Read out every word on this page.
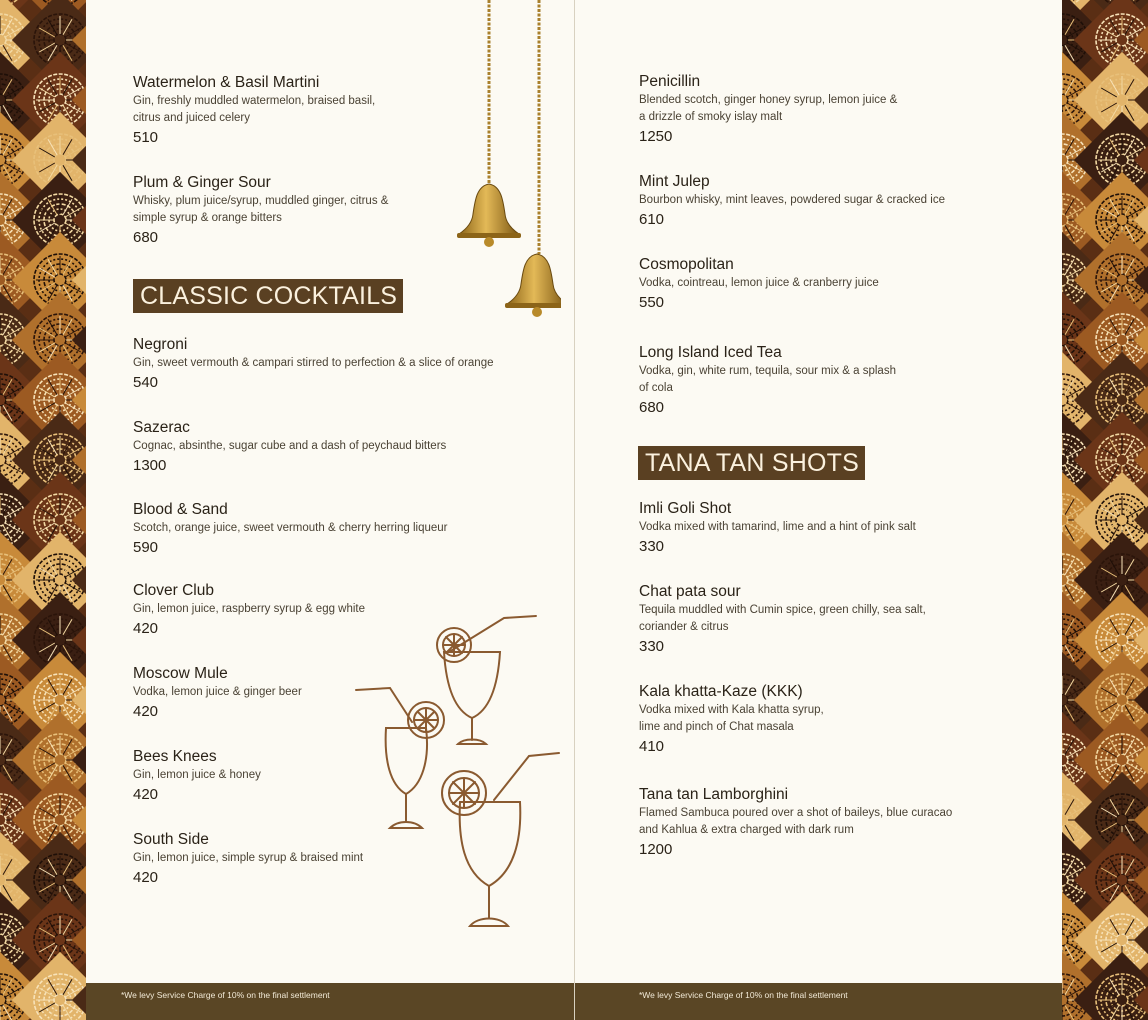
Watermelon & Basil Martini
Gin, freshly muddled watermelon, braised basil,
citrus and juiced celery
510
Plum & Ginger Sour
Whisky, plum juice/syrup, muddled ginger, citrus &
simple syrup & orange bitters
680
CLASSIC COCKTAILS
Negroni
Gin, sweet vermouth & campari stirred to perfection & a slice of orange
540
Sazerac
Cognac, absinthe, sugar cube and a dash of peychaud bitters
1300
Blood & Sand
Scotch, orange juice, sweet vermouth & cherry herring liqueur
590
Clover Club
Gin, lemon juice, raspberry syrup & egg white
420
Moscow Mule
Vodka, lemon juice & ginger beer
420
Bees Knees
Gin, lemon juice & honey
420
South Side
Gin, lemon juice, simple syrup & braised mint
420
Penicillin
Blended scotch, ginger honey syrup, lemon juice &
a drizzle of smoky islay malt
1250
Mint Julep
Bourbon whisky, mint leaves, powdered sugar & cracked ice
610
Cosmopolitan
Vodka, cointreau, lemon juice & cranberry juice
550
Long Island Iced Tea
Vodka, gin, white rum, tequila, sour mix & a splash
of cola
680
TANA TAN SHOTS
Imli Goli Shot
Vodka mixed with tamarind, lime and a hint of pink salt
330
Chat pata sour
Tequila muddled with Cumin spice, green chilly, sea salt,
coriander & citrus
330
Kala khatta-Kaze (KKK)
Vodka mixed with Kala khatta syrup,
lime and pinch of Chat masala
410
Tana tan Lamborghini
Flamed Sambuca poured over a shot of baileys, blue curacao
and Kahlua & extra charged with dark rum
1200
*We levy Service Charge of 10% on the final settlement	*We levy Service Charge of 10% on the final settlement
